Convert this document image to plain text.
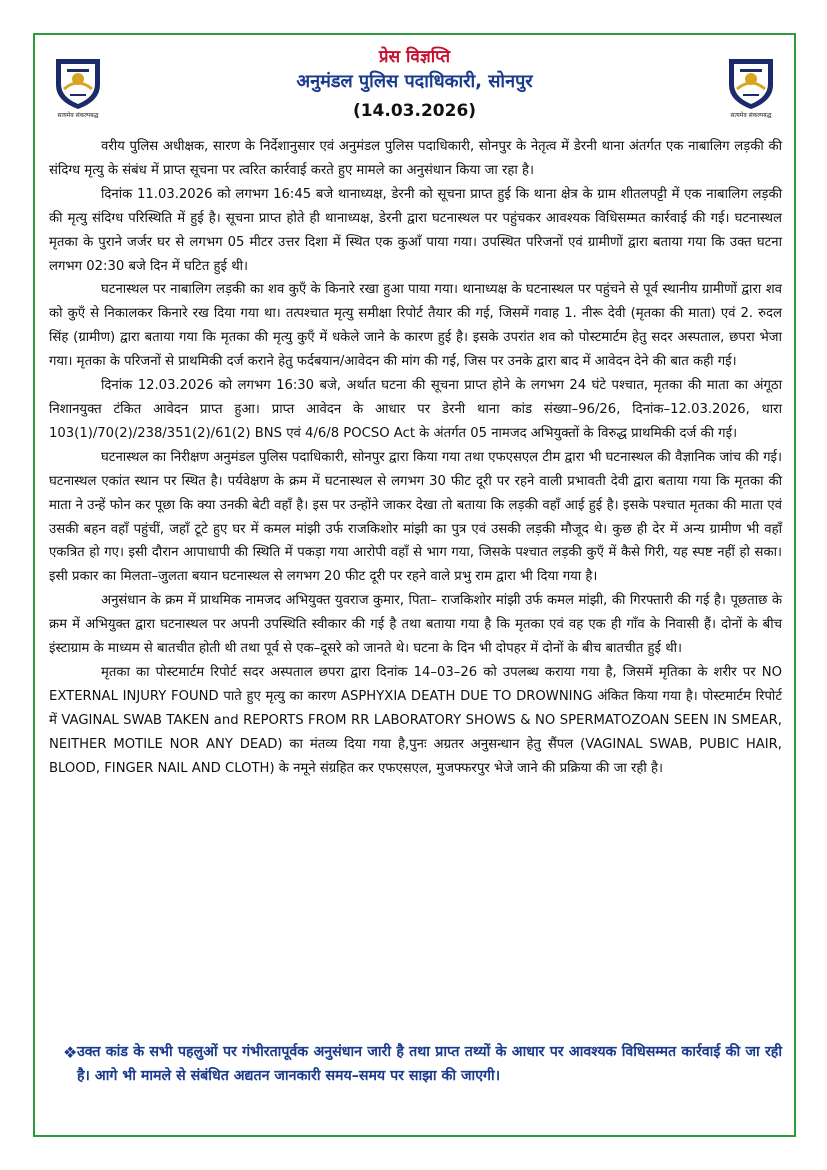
सत्यमेव संकल्पबद्ध
प्रेस विज्ञप्ति
अनुमंडल पुलिस पदाधिकारी, सोनपुर
(14.03.2026)	सत्यमेव संकल्पबद्ध

वरीय पुलिस अधीक्षक, सारण के निर्देशानुसार एवं अनुमंडल पुलिस पदाधिकारी, सोनपुर के नेतृत्व में डेरनी थाना अंतर्गत एक नाबालिग लड़की की संदिग्ध मृत्यु के संबंध में प्राप्त सूचना पर त्वरित कार्रवाई करते हुए मामले का अनुसंधान किया जा रहा है।

दिनांक 11.03.2026 को लगभग 16:45 बजे थानाध्यक्ष, डेरनी को सूचना प्राप्त हुई कि थाना क्षेत्र के ग्राम शीतलपट्टी में एक नाबालिग लड़की की मृत्यु संदिग्ध परिस्थिति में हुई है। सूचना प्राप्त होते ही थानाध्यक्ष, डेरनी द्वारा घटनास्थल पर पहुंचकर आवश्यक विधिसम्मत कार्रवाई की गई। घटनास्थल मृतका के पुराने जर्जर घर से लगभग 05 मीटर उत्तर दिशा में स्थित एक कुआँ पाया गया। उपस्थित परिजनों एवं ग्रामीणों द्वारा बताया गया कि उक्त घटना लगभग 02:30 बजे दिन में घटित हुई थी।

घटनास्थल पर नाबालिग लड़की का शव कुएँ के किनारे रखा हुआ पाया गया। थानाध्यक्ष के घटनास्थल पर पहुंचने से पूर्व स्थानीय ग्रामीणों द्वारा शव को कुएँ से निकालकर किनारे रख दिया गया था। तत्पश्चात मृत्यु समीक्षा रिपोर्ट तैयार की गई, जिसमें गवाह 1. नीरू देवी (मृतका की माता) एवं 2. रुदल सिंह (ग्रामीण) द्वारा बताया गया कि मृतका की मृत्यु कुएँ में धकेले जाने के कारण हुई है। इसके उपरांत शव को पोस्टमार्टम हेतु सदर अस्पताल, छपरा भेजा गया। मृतका के परिजनों से प्राथमिकी दर्ज कराने हेतु फर्दबयान/आवेदन की मांग की गई, जिस पर उनके द्वारा बाद में आवेदन देने की बात कही गई।

दिनांक 12.03.2026 को लगभग 16:30 बजे, अर्थात घटना की सूचना प्राप्त होने के लगभग 24 घंटे पश्चात, मृतका की माता का अंगूठा निशानयुक्त टंकित आवेदन प्राप्त हुआ। प्राप्त आवेदन के आधार पर डेरनी थाना कांड संख्या–96/26, दिनांक–12.03.2026, धारा 103(1)/70(2)/238/351(2)/61(2) BNS एवं 4/6/8 POCSO Act के अंतर्गत 05 नामजद अभियुक्तों के विरुद्ध प्राथमिकी दर्ज की गई।

घटनास्थल का निरीक्षण अनुमंडल पुलिस पदाधिकारी, सोनपुर द्वारा किया गया तथा एफएसएल टीम द्वारा भी घटनास्थल की वैज्ञानिक जांच की गई। घटनास्थल एकांत स्थान पर स्थित है। पर्यवेक्षण के क्रम में घटनास्थल से लगभग 30 फीट दूरी पर रहने वाली प्रभावती देवी द्वारा बताया गया कि मृतका की माता ने उन्हें फोन कर पूछा कि क्या उनकी बेटी वहाँ है। इस पर उन्होंने जाकर देखा तो बताया कि लड़की वहाँ आई हुई है। इसके पश्चात मृतका की माता एवं उसकी बहन वहाँ पहुंचीं, जहाँ टूटे हुए घर में कमल मांझी उर्फ राजकिशोर मांझी का पुत्र एवं उसकी लड़की मौजूद थे। कुछ ही देर में अन्य ग्रामीण भी वहाँ एकत्रित हो गए। इसी दौरान आपाधापी की स्थिति में पकड़ा गया आरोपी वहाँ से भाग गया, जिसके पश्चात लड़की कुएँ में कैसे गिरी, यह स्पष्ट नहीं हो सका। इसी प्रकार का मिलता–जुलता बयान घटनास्थल से लगभग 20 फीट दूरी पर रहने वाले प्रभु राम द्वारा भी दिया गया है।

अनुसंधान के क्रम में प्राथमिक नामजद अभियुक्त युवराज कुमार, पिता– राजकिशोर मांझी उर्फ कमल मांझी, की गिरफ्तारी की गई है। पूछताछ के क्रम में अभियुक्त द्वारा घटनास्थल पर अपनी उपस्थिति स्वीकार की गई है तथा बताया गया है कि मृतका एवं वह एक ही गाँव के निवासी हैं। दोनों के बीच इंस्टाग्राम के माध्यम से बातचीत होती थी तथा पूर्व से एक–दूसरे को जानते थे। घटना के दिन भी दोपहर में दोनों के बीच बातचीत हुई थी।

मृतका का पोस्टमार्टम रिपोर्ट सदर अस्पताल छपरा द्वारा दिनांक 14–03–26 को उपलब्ध कराया गया है, जिसमें मृतिका के शरीर पर NO EXTERNAL INJURY FOUND पाते हुए मृत्यु का कारण ASPHYXIA DEATH DUE TO DROWNING अंकित किया गया है। पोस्टमार्टम रिपोर्ट में VAGINAL SWAB TAKEN and REPORTS FROM RR LABORATORY SHOWS & NO SPERMATOZOAN SEEN IN SMEAR, NEITHER MOTILE NOR ANY DEAD) का मंतव्य दिया गया है,पुनः अग्रतर अनुसन्धान हेतु सैंपल (VAGINAL SWAB, PUBIC HAIR, BLOOD, FINGER NAIL AND CLOTH) के नमूने संग्रहित कर एफएसएल, मुजफ्फरपुर भेजे जाने की प्रक्रिया की जा रही है।

❖ उक्त कांड के सभी पहलुओं पर गंभीरतापूर्वक अनुसंधान जारी है तथा प्राप्त तथ्यों के आधार पर आवश्यक विधिसम्मत कार्रवाई की जा रही है। आगे भी मामले से संबंधित अद्यतन जानकारी समय–समय पर साझा की जाएगी।
